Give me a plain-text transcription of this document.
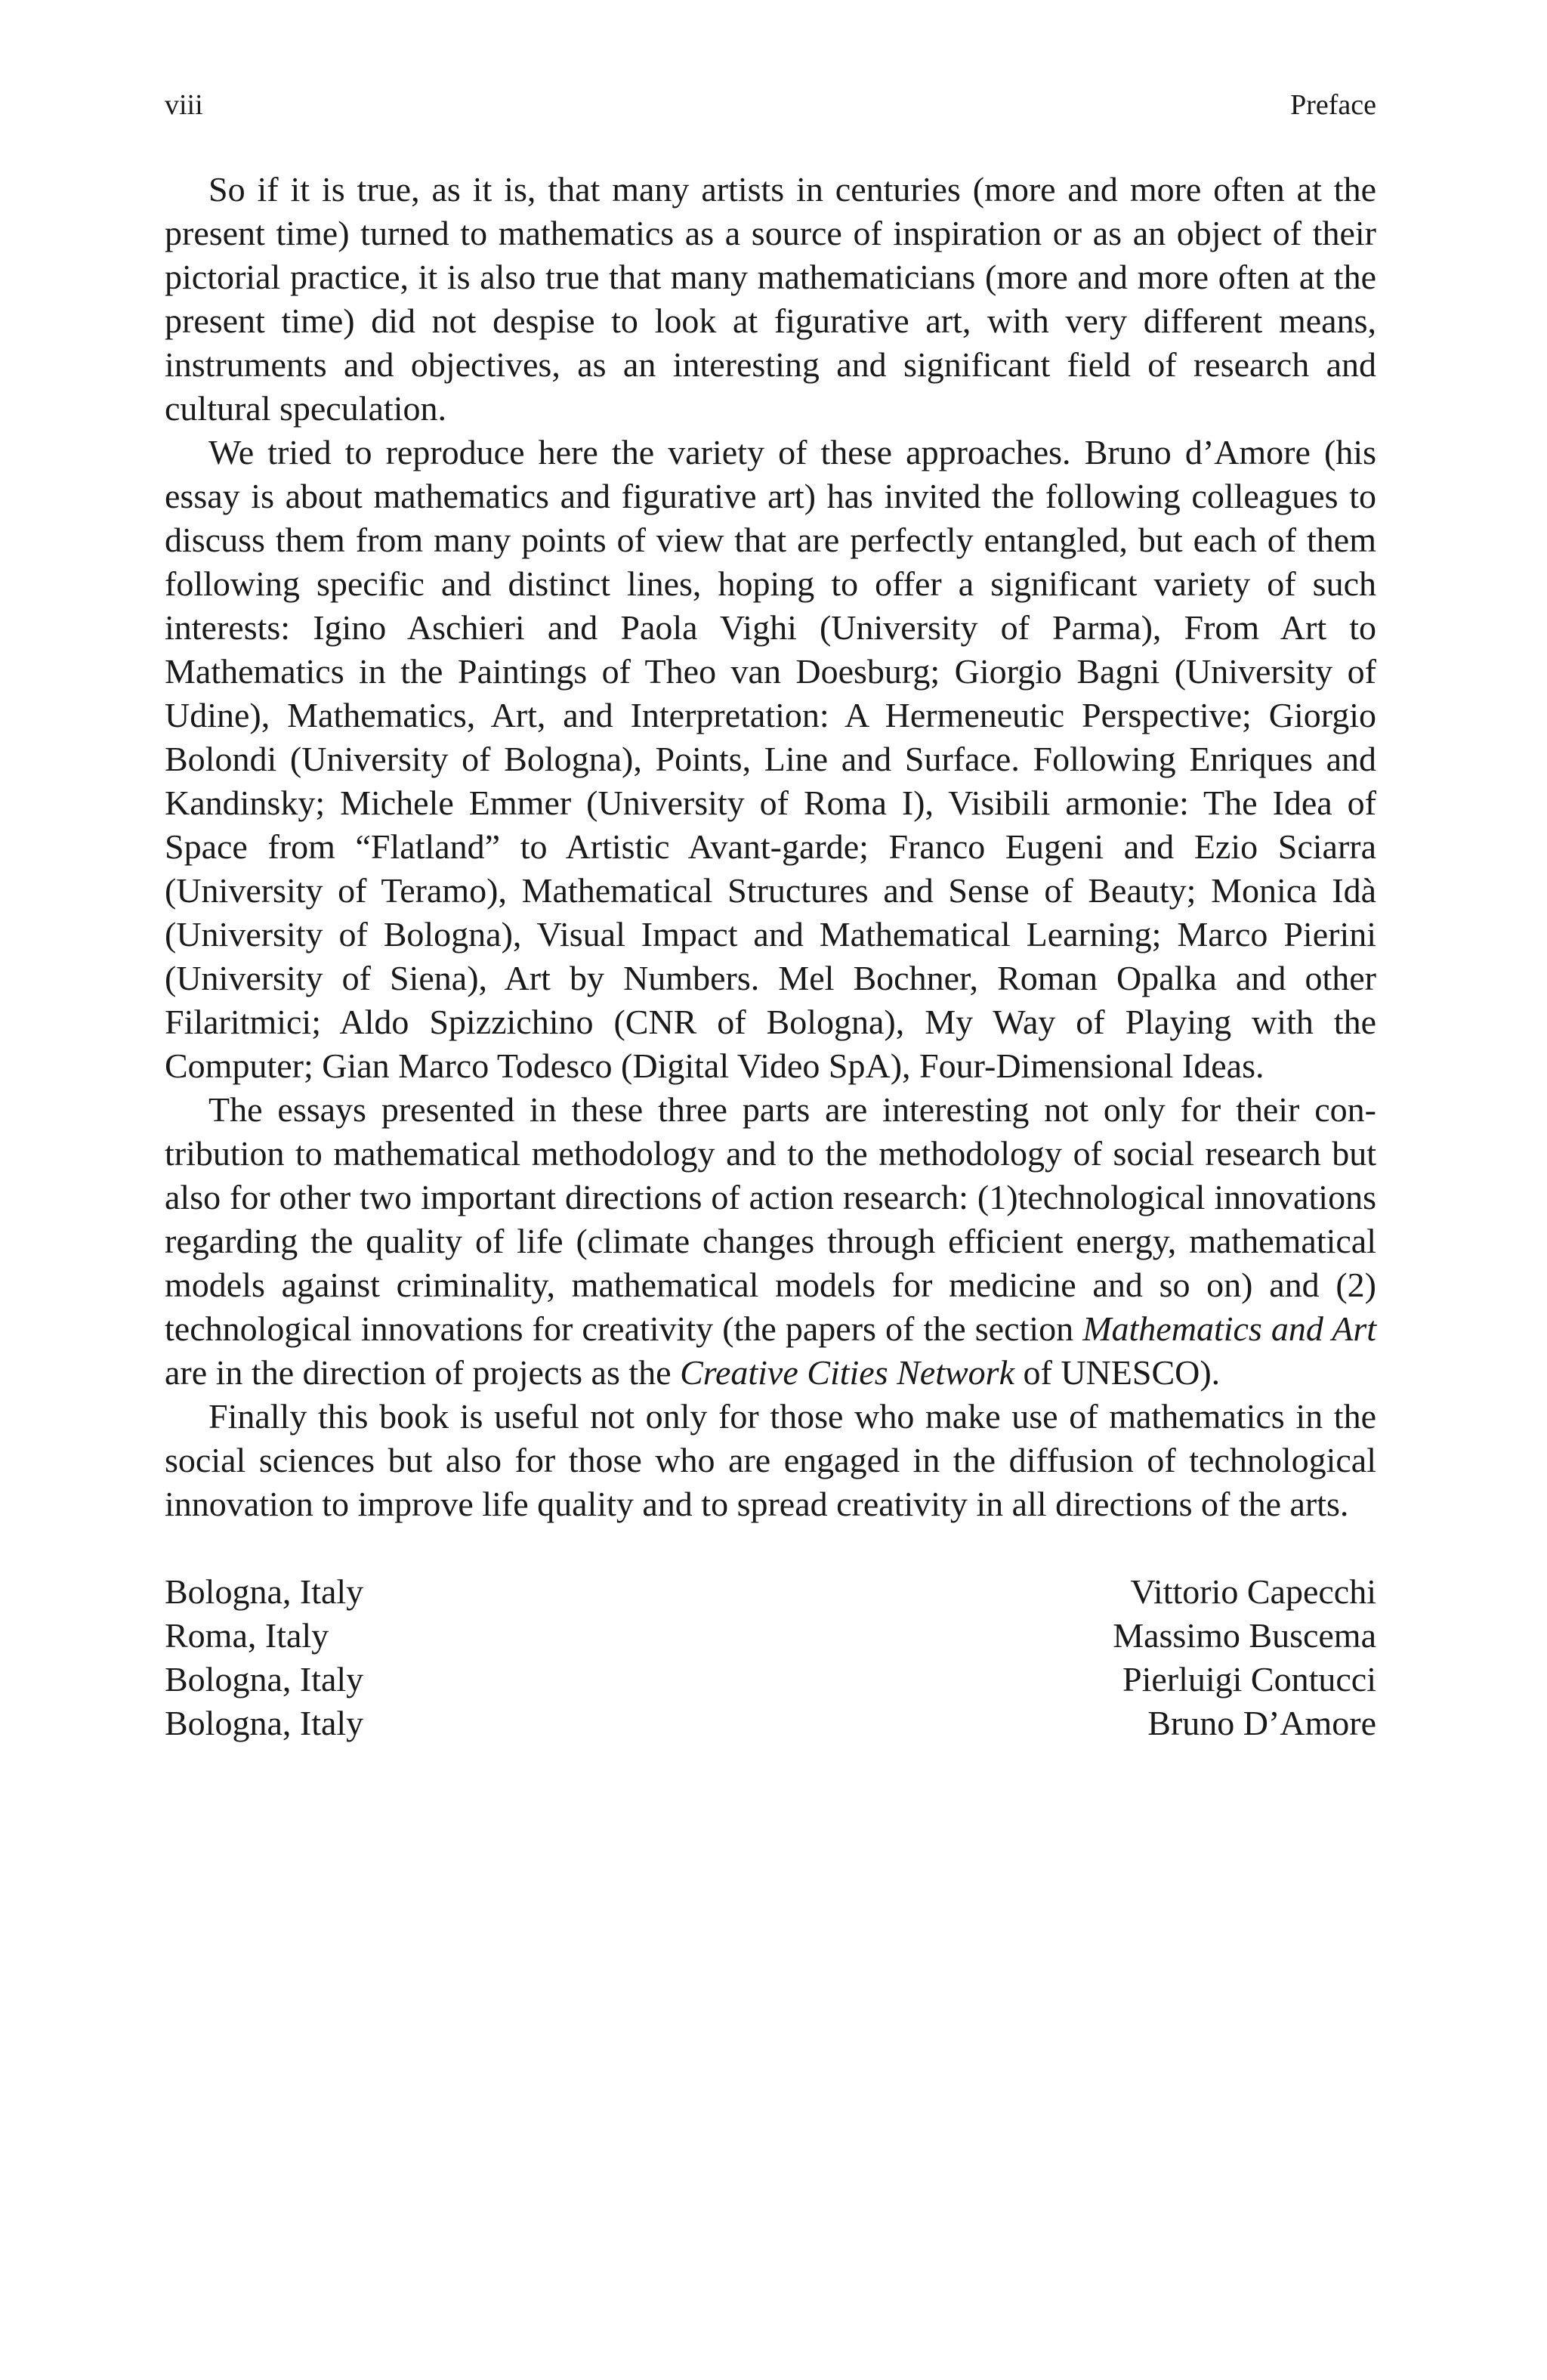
viii	Preface

So if it is true, as it is, that many artists in centuries (more and more often at the present time) turned to mathematics as a source of inspiration or as an object of their pictorial practice, it is also true that many mathematicians (more and more often at the present time) did not despise to look at figurative art, with very different means, instruments and objectives, as an interesting and significant field of research and cultural speculation.

We tried to reproduce here the variety of these approaches. Bruno d’Amore (his essay is about mathematics and figurative art) has invited the following colleagues to discuss them from many points of view that are perfectly entangled, but each of them following specific and distinct lines, hoping to offer a significant variety of such interests: Igino Aschieri and Paola Vighi (University of Parma), From Art to Mathematics in the Paintings of Theo van Doesburg; Giorgio Bagni (University of Udine), Mathematics, Art, and Interpretation: A Hermeneutic Perspective; Giorgio Bolondi (University of Bologna), Points, Line and Surface. Following Enriques and Kandinsky; Michele Emmer (University of Roma I), Visibili armonie: The Idea of Space from “Flatland” to Artistic Avant-garde; Franco Eugeni and Ezio Sciarra (University of Teramo), Mathematical Structures and Sense of Beauty; Monica Idà (University of Bologna), Visual Impact and Mathematical Learning; Marco Pierini (University of Siena), Art by Numbers. Mel Bochner, Roman Opalka and other Filaritmici; Aldo Spizzichino (CNR of Bologna), My Way of Playing with the Computer; Gian Marco Todesco (Digital Video SpA), Four-Dimensional Ideas.

The essays presented in these three parts are interesting not only for their contribution to mathematical methodology and to the methodology of social research but also for other two important directions of action research: (1)technological innovations regarding the quality of life (climate changes through efficient energy, mathematical models against criminality, mathematical models for medicine and so on) and (2) technological innovations for creativity (the papers of the section Mathematics and Art are in the direction of projects as the Creative Cities Network of UNESCO).

Finally this book is useful not only for those who make use of mathematics in the social sciences but also for those who are engaged in the diffusion of technological innovation to improve life quality and to spread creativity in all directions of the arts.

Bologna, Italy	Vittorio Capecchi
Roma, Italy	Massimo Buscema
Bologna, Italy	Pierluigi Contucci
Bologna, Italy	Bruno D’Amore
